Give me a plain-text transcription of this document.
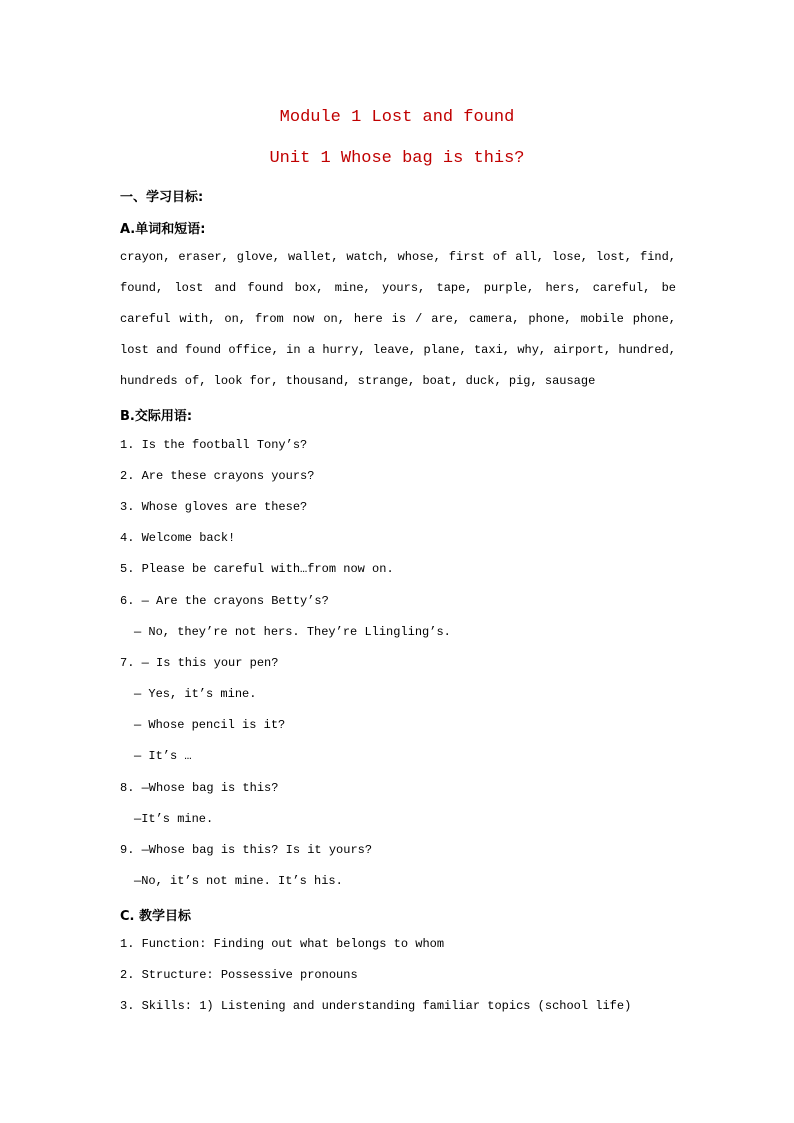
Module 1 Lost and found
Unit 1 Whose bag is this?
一、学习目标:
A.单词和短语:
crayon, eraser, glove, wallet, watch, whose, first of all, lose, lost, find, found, lost and found box, mine, yours, tape, purple, hers, careful, be careful with, on, from now on, here is / are, camera, phone, mobile phone, lost and found office, in a hurry, leave, plane, taxi, why, airport, hundred, hundreds of, look for, thousand, strange, boat, duck, pig, sausage
B.交际用语:
1. Is the football Tony’s?
2. Are these crayons yours?
3. Whose gloves are these?
4. Welcome back!
5. Please be careful with…from now on.
6. — Are the crayons Betty’s?
— No, they’re not hers. They’re Llingling’s.
7. — Is this your pen?
— Yes, it’s mine.
— Whose pencil is it?
— It’s …
8. —Whose bag is this?
—It’s mine.
9. —Whose bag is this? Is it yours?
—No, it’s not mine. It’s his.
C. 教学目标
1. Function: Finding out what belongs to whom
2. Structure: Possessive pronouns
3. Skills: 1) Listening and understanding familiar topics (school life)
